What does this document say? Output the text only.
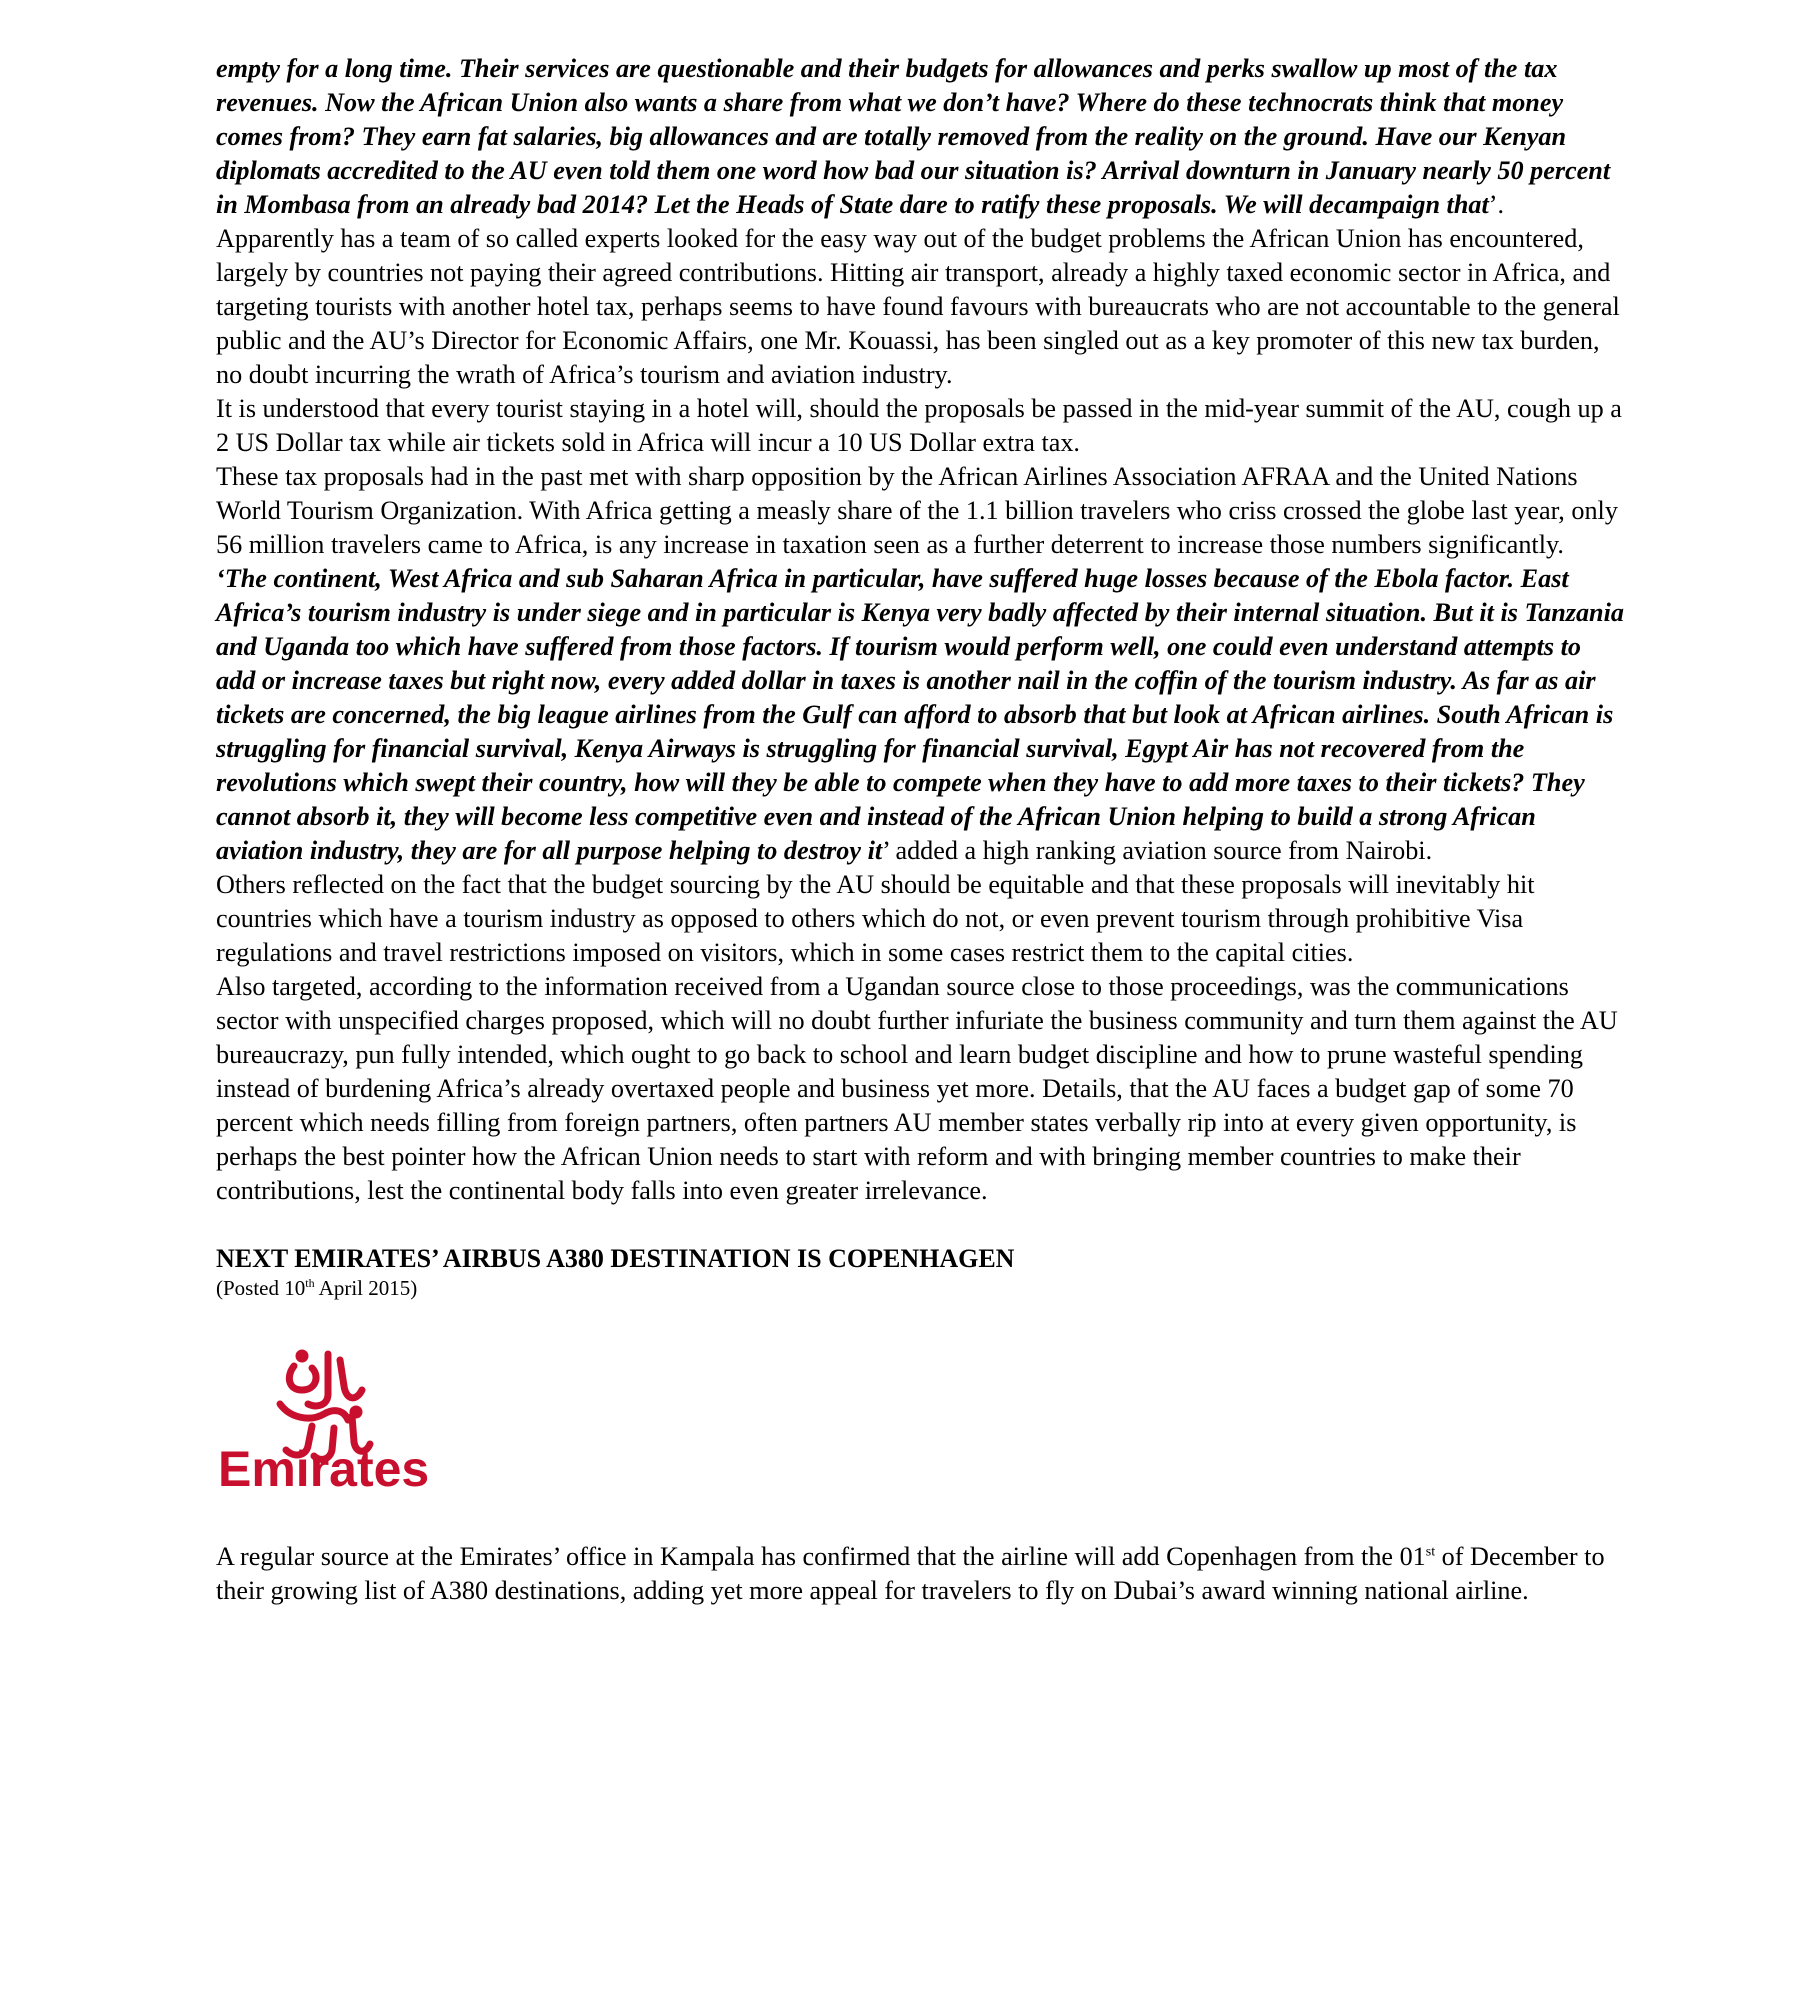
empty for a long time. Their services are questionable and their budgets for allowances and perks swallow up most of the tax revenues. Now the African Union also wants a share from what we don’t have? Where do these technocrats think that money comes from? They earn fat salaries, big allowances and are totally removed from the reality on the ground. Have our Kenyan diplomats accredited to the AU even told them one word how bad our situation is? Arrival downturn in January nearly 50 percent in Mombasa from an already bad 2014? Let the Heads of State dare to ratify these proposals. We will decampaign that’.

Apparently has a team of so called experts looked for the easy way out of the budget problems the African Union has encountered, largely by countries not paying their agreed contributions. Hitting air transport, already a highly taxed economic sector in Africa, and targeting tourists with another hotel tax, perhaps seems to have found favours with bureaucrats who are not accountable to the general public and the AU’s Director for Economic Affairs, one Mr. Kouassi, has been singled out as a key promoter of this new tax burden, no doubt incurring the wrath of Africa’s tourism and aviation industry.

It is understood that every tourist staying in a hotel will, should the proposals be passed in the mid-year summit of the AU, cough up a 2 US Dollar tax while air tickets sold in Africa will incur a 10 US Dollar extra tax.

These tax proposals had in the past met with sharp opposition by the African Airlines Association AFRAA and the United Nations World Tourism Organization. With Africa getting a measly share of the 1.1 billion travelers who criss crossed the globe last year, only 56 million travelers came to Africa, is any increase in taxation seen as a further deterrent to increase those numbers significantly.

‘The continent, West Africa and sub Saharan Africa in particular, have suffered huge losses because of the Ebola factor. East Africa’s tourism industry is under siege and in particular is Kenya very badly affected by their internal situation. But it is Tanzania and Uganda too which have suffered from those factors. If tourism would perform well, one could even understand attempts to add or increase taxes but right now, every added dollar in taxes is another nail in the coffin of the tourism industry. As far as air tickets are concerned, the big league airlines from the Gulf can afford to absorb that but look at African airlines. South African is struggling for financial survival, Kenya Airways is struggling for financial survival, Egypt Air has not recovered from the revolutions which swept their country, how will they be able to compete when they have to add more taxes to their tickets? They cannot absorb it, they will become less competitive even and instead of the African Union helping to build a strong African aviation industry, they are for all purpose helping to destroy it’ added a high ranking aviation source from Nairobi.

Others reflected on the fact that the budget sourcing by the AU should be equitable and that these proposals will inevitably hit countries which have a tourism industry as opposed to others which do not, or even prevent tourism through prohibitive Visa regulations and travel restrictions imposed on visitors, which in some cases restrict them to the capital cities.

Also targeted, according to the information received from a Ugandan source close to those proceedings, was the communications sector with unspecified charges proposed, which will no doubt further infuriate the business community and turn them against the AU bureaucrazy, pun fully intended, which ought to go back to school and learn budget discipline and how to prune wasteful spending instead of burdening Africa’s already overtaxed people and business yet more. Details, that the AU faces a budget gap of some 70 percent which needs filling from foreign partners, often partners AU member states verbally rip into at every given opportunity, is perhaps the best pointer how the African Union needs to start with reform and with bringing member countries to make their contributions, lest the continental body falls into even greater irrelevance.

NEXT EMIRATES’ AIRBUS A380 DESTINATION IS COPENHAGEN

(Posted 10th April 2015)

Emirates

A regular source at the Emirates’ office in Kampala has confirmed that the airline will add Copenhagen from the 01st of December to their growing list of A380 destinations, adding yet more appeal for travelers to fly on Dubai’s award winning national airline.
